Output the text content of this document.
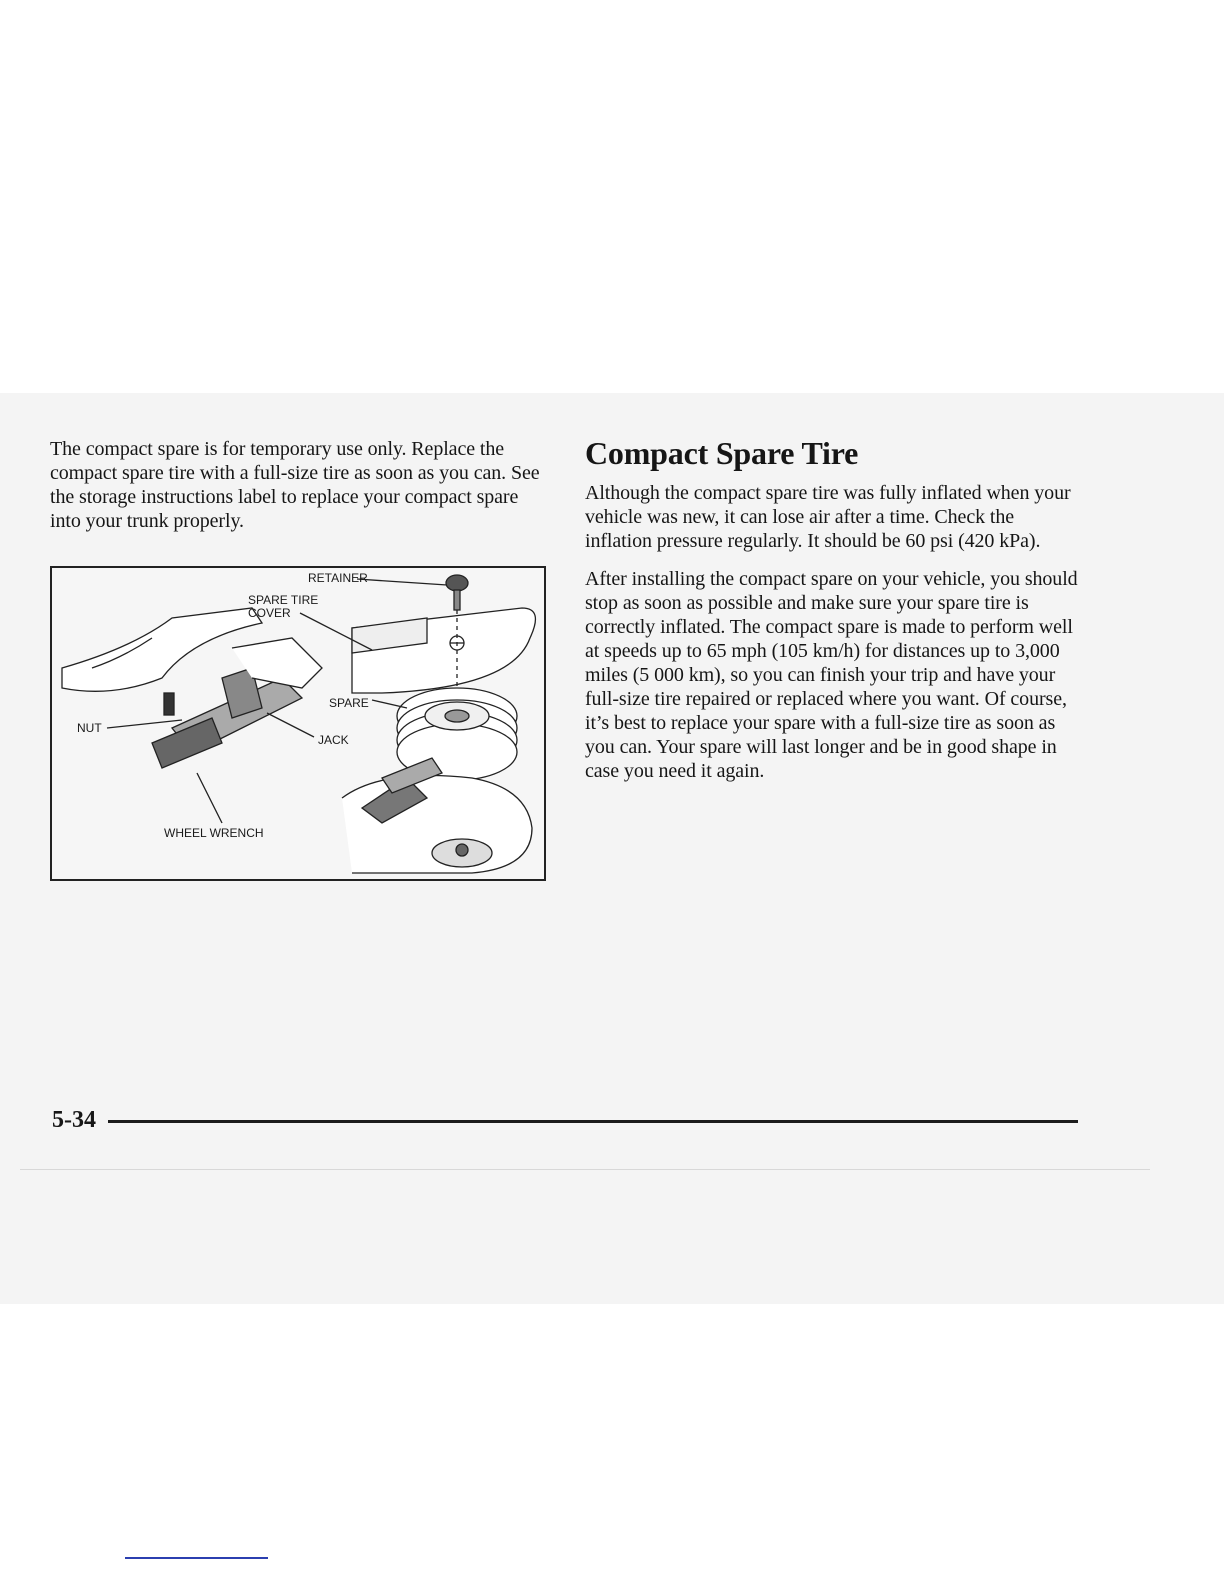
The compact spare is for temporary use only. Replace the compact spare tire with a full-size tire as soon as you can. See the storage instructions label to replace your compact spare into your trunk properly.

RETAINER
SPARE TIRE
COVER
SPARE
NUT
JACK
WHEEL WRENCH
Compact Spare Tire

Although the compact spare tire was fully inflated when your vehicle was new, it can lose air after a time. Check the inflation pressure regularly. It should be 60 psi (420 kPa).

After installing the compact spare on your vehicle, you should stop as soon as possible and make sure your spare tire is correctly inflated. The compact spare is made to perform well at speeds up to 65 mph (105 km/h) for distances up to 3,000 miles (5 000 km), so you can finish your trip and have your full-size tire repaired or replaced where you want. Of course, it’s best to replace your spare with a full-size tire as soon as you can. Your spare will last longer and be in good shape in case you need it again.

5-34
